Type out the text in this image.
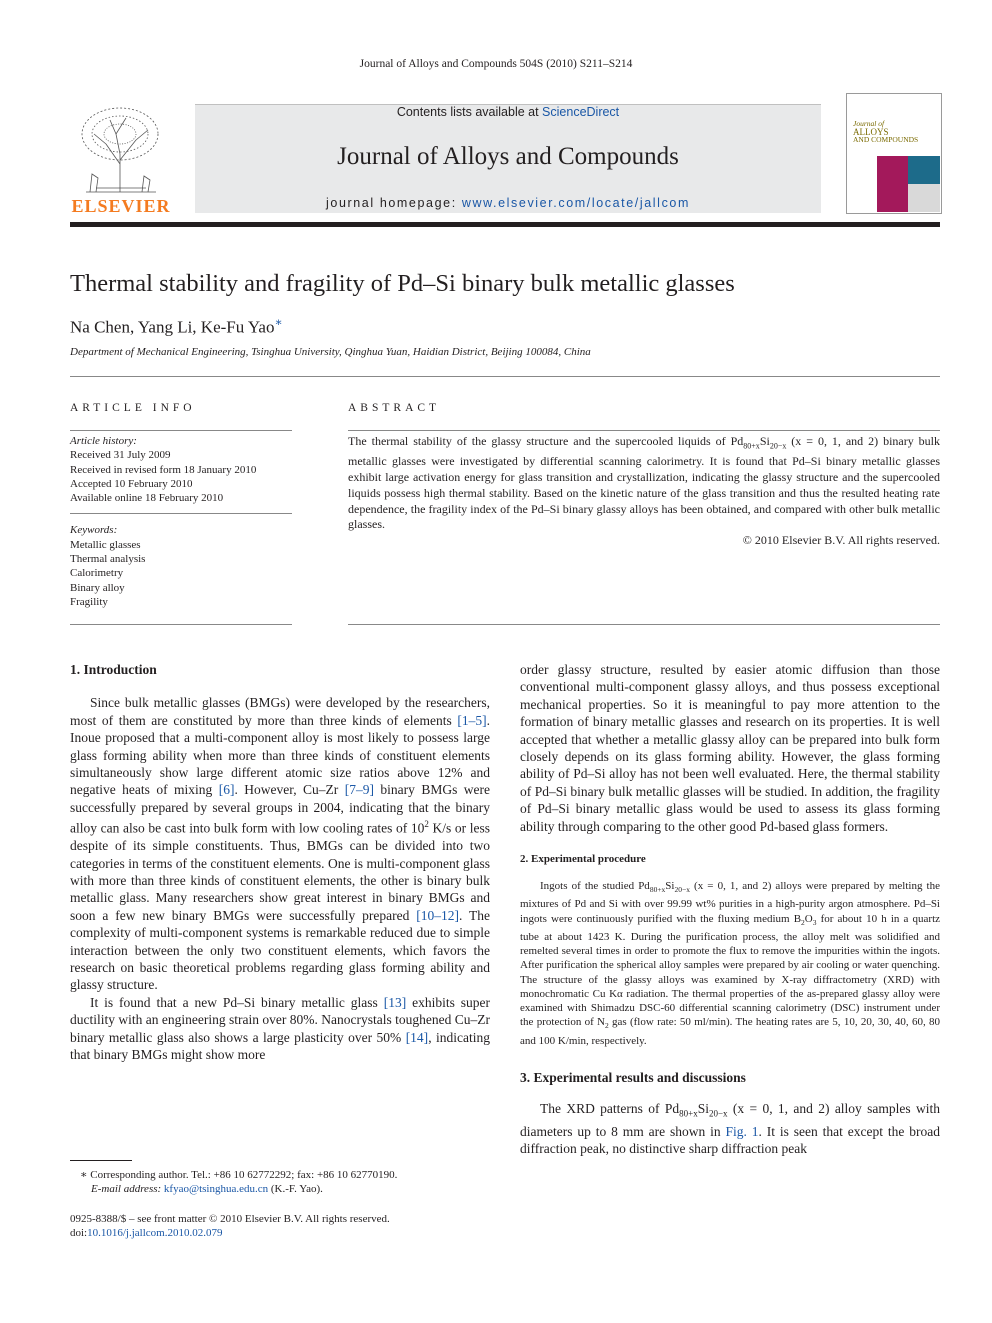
Journal of Alloys and Compounds 504S (2010) S211–S214
ELSEVIER
Contents lists available at ScienceDirect
Journal of Alloys and Compounds
journal homepage: www.elsevier.com/locate/jallcom
Journal of
ALLOYS
AND COMPOUNDS
Thermal stability and fragility of Pd–Si binary bulk metallic glasses
Na Chen, Yang Li, Ke-Fu Yao∗
Department of Mechanical Engineering, Tsinghua University, Qinghua Yuan, Haidian District, Beijing 100084, China
ARTICLE INFO
Article history:
Received 31 July 2009
Received in revised form 18 January 2010
Accepted 10 February 2010
Available online 18 February 2010
Keywords:
Metallic glasses
Thermal analysis
Calorimetry
Binary alloy
Fragility
ABSTRACT

The thermal stability of the glassy structure and the supercooled liquids of $Pd_{80+x}Si_{20-x}$ (x = 0, 1, and 2) binary bulk metallic glasses were investigated by differential scanning calorimetry. It is found that Pd–Si binary metallic glasses exhibit large activation energy for glass transition and crystallization, indicating the glassy structure and the supercooled liquids possess high thermal stability. Based on the kinetic nature of the glass transition and thus the resulted heating rate dependence, the fragility index of the Pd–Si binary glassy alloys has been obtained, and compared with other bulk metallic glasses.

© 2010 Elsevier B.V. All rights reserved.

1. Introduction

Since bulk metallic glasses (BMGs) were developed by the researchers, most of them are constituted by more than three kinds of elements [1–5]. Inoue proposed that a multi-component alloy is most likely to possess large glass forming ability when more than three kinds of constituent elements simultaneously show large different atomic size ratios above 12% and negative heats of mixing [6]. However, Cu–Zr [7–9] binary BMGs were successfully prepared by several groups in 2004, indicating that the binary alloy can also be cast into bulk form with low cooling rates of $10^2$ K/s or less despite of its simple constituents. Thus, BMGs can be divided into two categories in terms of the constituent elements. One is multi-component glass with more than three kinds of constituent elements, the other is binary bulk metallic glass. Many researchers show great interest in binary BMGs and soon a few new binary BMGs were successfully prepared [10–12]. The complexity of multi-component systems is remarkable reduced due to simple interaction between the only two constituent elements, which favors the research on basic theoretical problems regarding glass forming ability and glassy structure.

It is found that a new Pd–Si binary metallic glass [13] exhibits super ductility with an engineering strain over 80%. Nanocrystals toughened Cu–Zr binary metallic glass also shows a large plasticity over 50% [14], indicating that binary BMGs might show more

order glassy structure, resulted by easier atomic diffusion than those conventional multi-component glassy alloys, and thus possess exceptional mechanical properties. So it is meaningful to pay more attention to the formation of binary metallic glasses and research on its properties. It is well accepted that whether a metallic glassy alloy can be prepared into bulk form closely depends on its glass forming ability. However, the glass forming ability of Pd–Si alloy has not been well evaluated. Here, the thermal stability of Pd–Si binary bulk metallic glasses will be studied. In addition, the fragility of Pd–Si binary metallic glass would be used to assess its glass forming ability through comparing to the other good Pd-based glass formers.

2. Experimental procedure

Ingots of the studied $Pd_{80+x}Si_{20-x}$ (x = 0, 1, and 2) alloys were prepared by melting the mixtures of Pd and Si with over 99.99 wt% purities in a high-purity argon atmosphere. Pd–Si ingots were continuously purified with the fluxing medium $B_2O_3$ for about 10 h in a quartz tube at about 1423 K. During the purification process, the alloy melt was solidified and remelted several times in order to promote the flux to remove the impurities within the ingots. After purification the spherical alloy samples were prepared by air cooling or water quenching. The structure of the glassy alloys was examined by X-ray diffractometry (XRD) with monochromatic Cu Kα radiation. The thermal properties of the as-prepared glassy alloy were examined with Shimadzu DSC-60 differential scanning calorimetry (DSC) instrument under the protection of $N_2$ gas (flow rate: 50 ml/min). The heating rates are 5, 10, 20, 30, 40, 60, 80 and 100 K/min, respectively.

3. Experimental results and discussions

The XRD patterns of $Pd_{80+x}Si_{20-x}$ (x = 0, 1, and 2) alloy samples with diameters up to 8 mm are shown in Fig. 1. It is seen that except the broad diffraction peak, no distinctive sharp diffraction peak

∗ Corresponding author. Tel.: +86 10 62772292; fax: +86 10 62770190.
E-mail address: kfyao@tsinghua.edu.cn (K.-F. Yao).
0925-8388/$ – see front matter © 2010 Elsevier B.V. All rights reserved.
doi:10.1016/j.jallcom.2010.02.079
